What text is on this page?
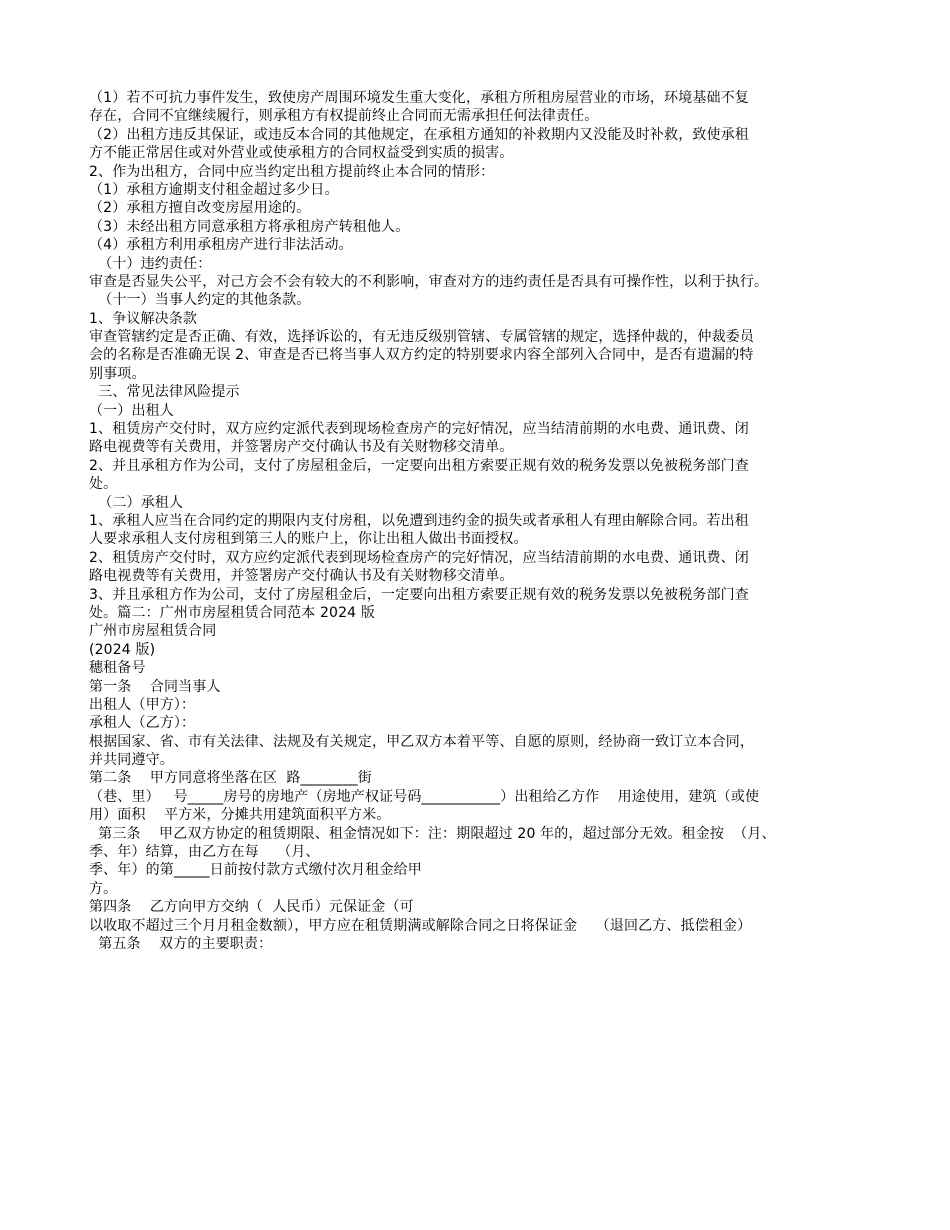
（1）若不可抗力事件发生，致使房产周围环境发生重大变化，承租方所租房屋营业的市场，环境基础不复
存在，合同不宜继续履行，则承租方有权提前终止合同而无需承担任何法律责任。
（2）出租方违反其保证，或违反本合同的其他规定，在承租方通知的补救期内又没能及时补救，致使承租
方不能正常居住或对外营业或使承租方的合同权益受到实质的损害。
2、作为出租方，合同中应当约定出租方提前终止本合同的情形：
（1）承租方逾期支付租金超过多少日。
（2）承租方擅自改变房屋用途的。
（3）未经出租方同意承租方将承租房产转租他人。
（4）承租方利用承租房产进行非法活动。
（十）违约责任：
审查是否显失公平，对己方会不会有较大的不利影响，审查对方的违约责任是否具有可操作性，以利于执行。
（十一）当事人约定的其他条款。
1、争议解决条款
审查管辖约定是否正确、有效，选择诉讼的，有无违反级别管辖、专属管辖的规定，选择仲裁的，仲裁委员
会的名称是否准确无误 2、审查是否已将当事人双方约定的特别要求内容全部列入合同中，是否有遗漏的特
别事项。
三、常见法律风险提示
（一）出租人
1、租赁房产交付时，双方应约定派代表到现场检查房产的完好情况，应当结清前期的水电费、通讯费、闭
路电视费等有关费用，并签署房产交付确认书及有关财物移交清单。
2、并且承租方作为公司，支付了房屋租金后，一定要向出租方索要正规有效的税务发票以免被税务部门查
处。
（二）承租人
1、承租人应当在合同约定的期限内支付房租，以免遭到违约金的损失或者承租人有理由解除合同。若出租
人要求承租人支付房租到第三人的账户上，你让出租人做出书面授权。
2、租赁房产交付时，双方应约定派代表到现场检查房产的完好情况，应当结清前期的水电费、通讯费、闭
路电视费等有关费用，并签署房产交付确认书及有关财物移交清单。
3、并且承租方作为公司，支付了房屋租金后，一定要向出租方索要正规有效的税务发票以免被税务部门查
处。篇二：广州市房屋租赁合同范本 2024 版
广州市房屋租赁合同
(2024 版)
穗租备号
第一条    合同当事人
出租人（甲方）：
承租人（乙方）：
根据国家、省、市有关法律、法规及有关规定，甲乙双方本着平等、自愿的原则，经协商一致订立本合同，
并共同遵守。
第二条    甲方同意将坐落在区  路________街
（巷、里）   号_____房号的房地产（房地产权证号码___________）出租给乙方作    用途使用，建筑（或使
用）面积    平方米，分摊共用建筑面积平方米。
第三条    甲乙双方协定的租赁期限、租金情况如下：注：期限超过 20 年的，超过部分无效。租金按  （月、
季、年）结算，由乙方在每    （月、
季、年）的第_____日前按付款方式缴付次月租金给甲
方。
第四条    乙方向甲方交纳（  人民币）元保证金（可
以收取不超过三个月月租金数额），甲方应在租赁期满或解除合同之日将保证金    （退回乙方、抵偿租金）
第五条    双方的主要职责：
